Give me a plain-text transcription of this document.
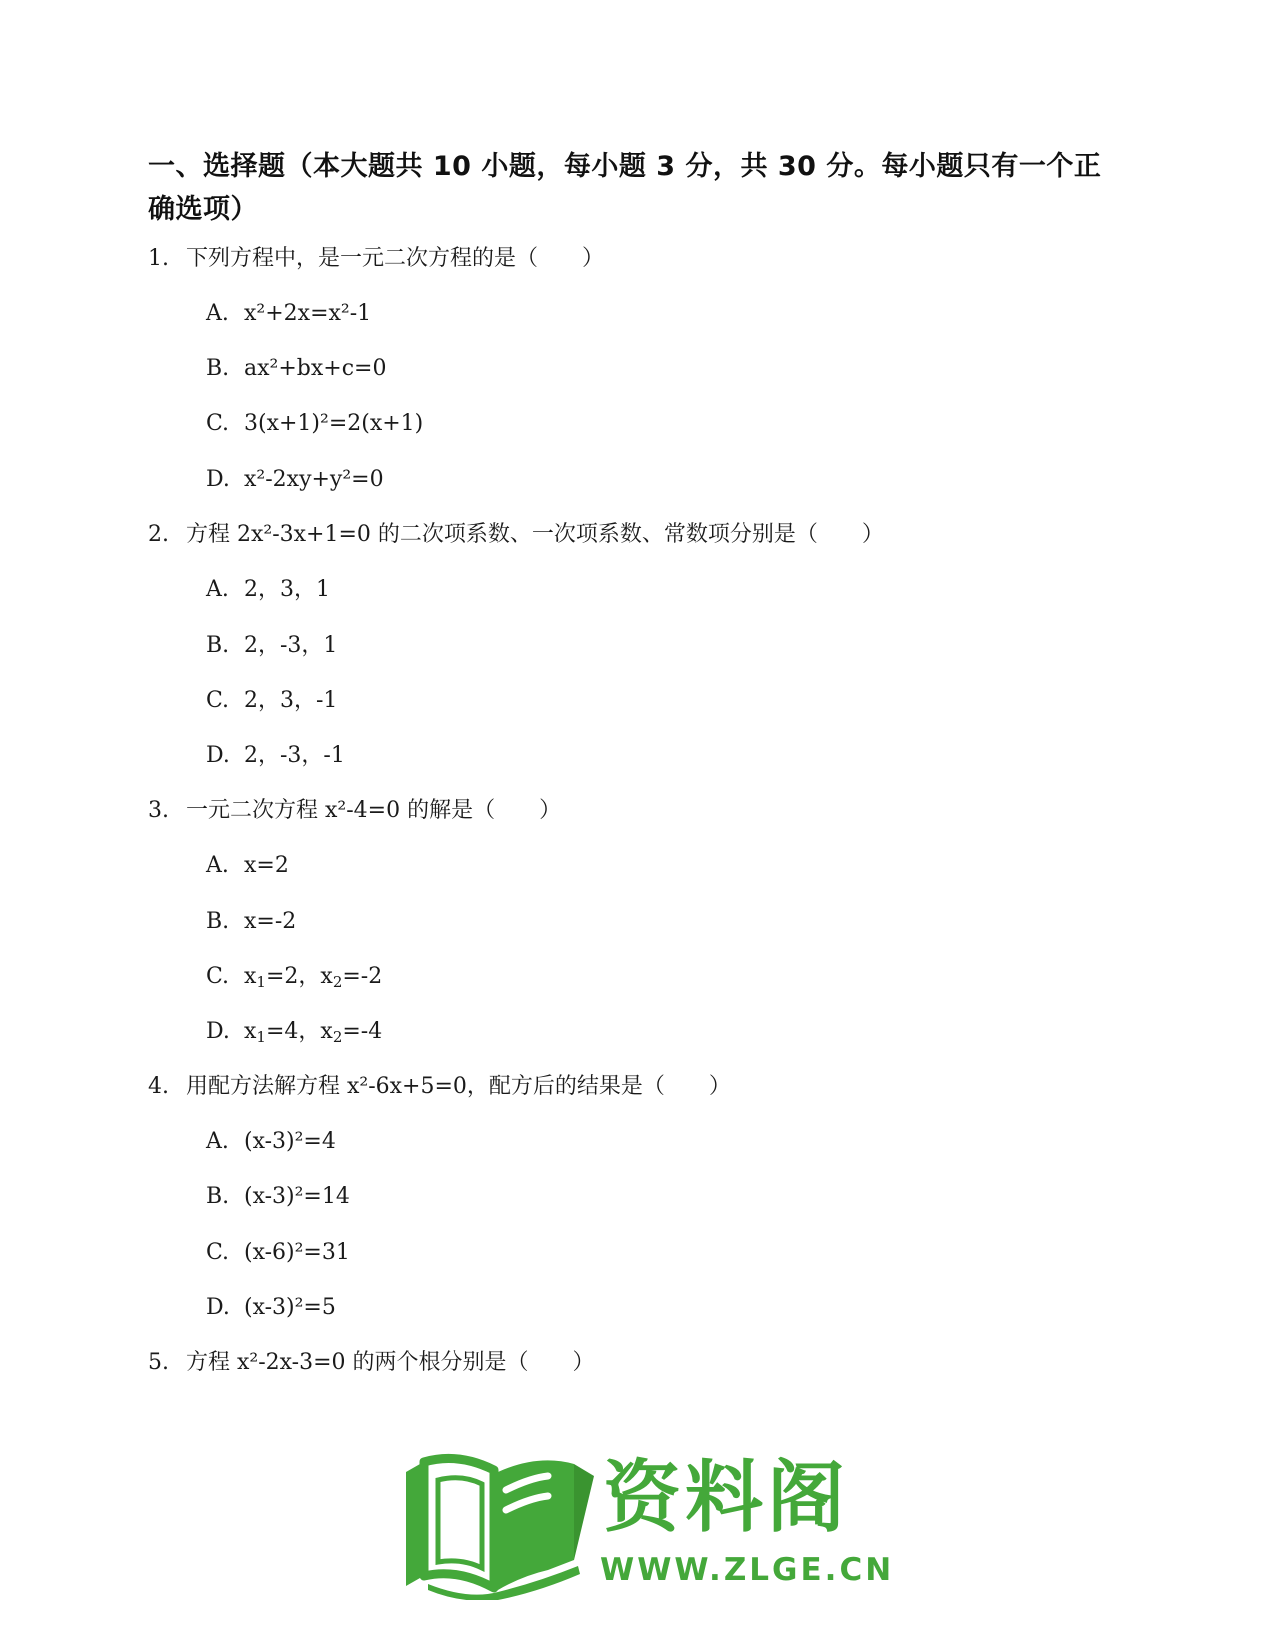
一、选择题（本大题共 10 小题，每小题 3 分，共 30 分。每小题只有一个正确选项）
1. 下列方程中，是一元二次方程的是（　　）
A. x²+2x=x²-1
B. ax²+bx+c=0
C. 3(x+1)²=2(x+1)
D. x²-2xy+y²=0
2. 方程 2x²-3x+1=0 的二次项系数、一次项系数、常数项分别是（　　）
A. 2，3，1
B. 2，-3，1
C. 2，3，-1
D. 2，-3，-1
3. 一元二次方程 x²-4=0 的解是（　　）
A. x=2
B. x=-2
C. $x_1=2$，$x_2=-2$
D. $x_1=4$，$x_2=-4$
4. 用配方法解方程 x²-6x+5=0，配方后的结果是（　　）
A. (x-3)²=4
B. (x-3)²=14
C. (x-6)²=31
D. (x-3)²=5
5. 方程 x²-2x-3=0 的两个根分别是（　　）
资料阁
WWW.ZLGE.CN
